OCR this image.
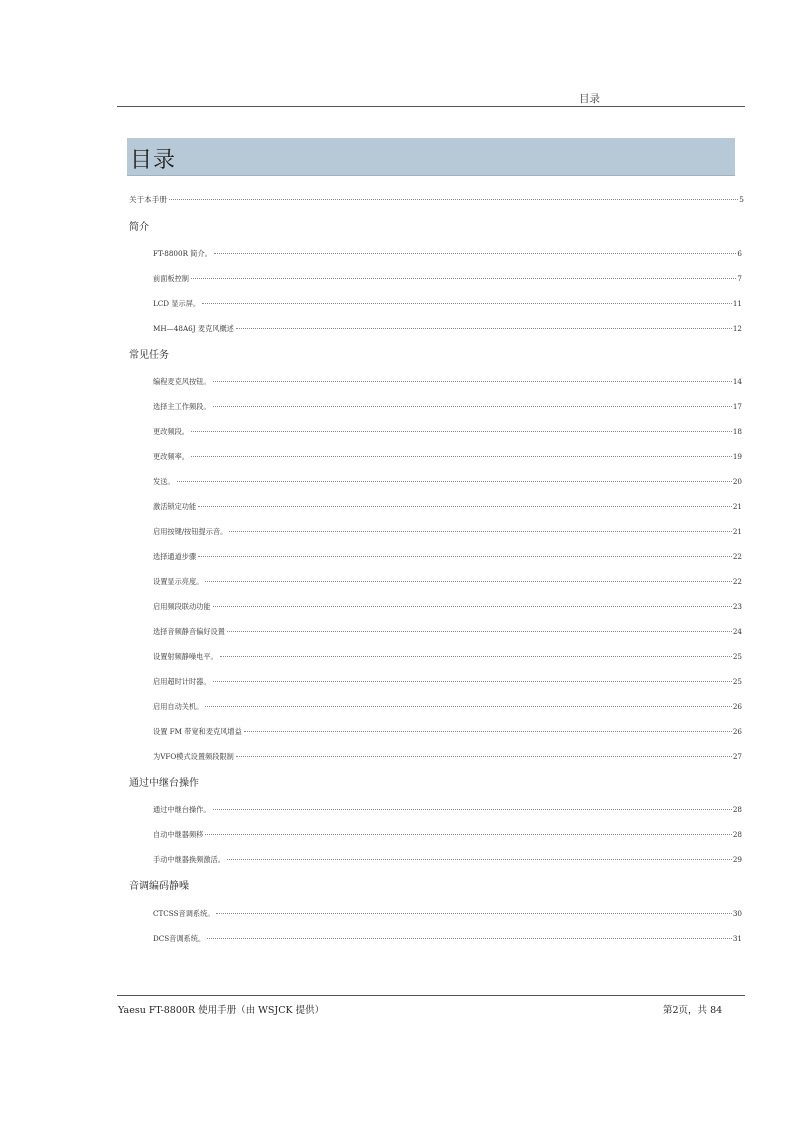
目录
目录
关于本手册	5
简介
FT-8800R 简介。	6
前面板控制	7
LCD 显示屏。	11
MH—48A6J 麦克风概述	12
常见任务
编程麦克风按钮。	14
选择主工作频段。	17
更改频段。	18
更改频率。	19
发送。	20
激活锁定功能	21
启用按键/按钮提示音。	21
选择通道步骤	22
设置显示亮度。	22
启用频段联动功能	23
选择音频静音偏好设置	24
设置射频静噪电平。	25
启用超时计时器。	25
启用自动关机。	26
设置 FM 带宽和麦克风增益	26
为VFO模式设置频段限制	27
通过中继台操作
通过中继台操作。	28
自动中继器频移	28
手动中继器换频激活。	29
音调编码静噪
CTCSS音调系统。	30
DCS音调系统。	31
Yaesu FT-8800R 使用手册（由 WSJCK 提供）	第2页，共 84
